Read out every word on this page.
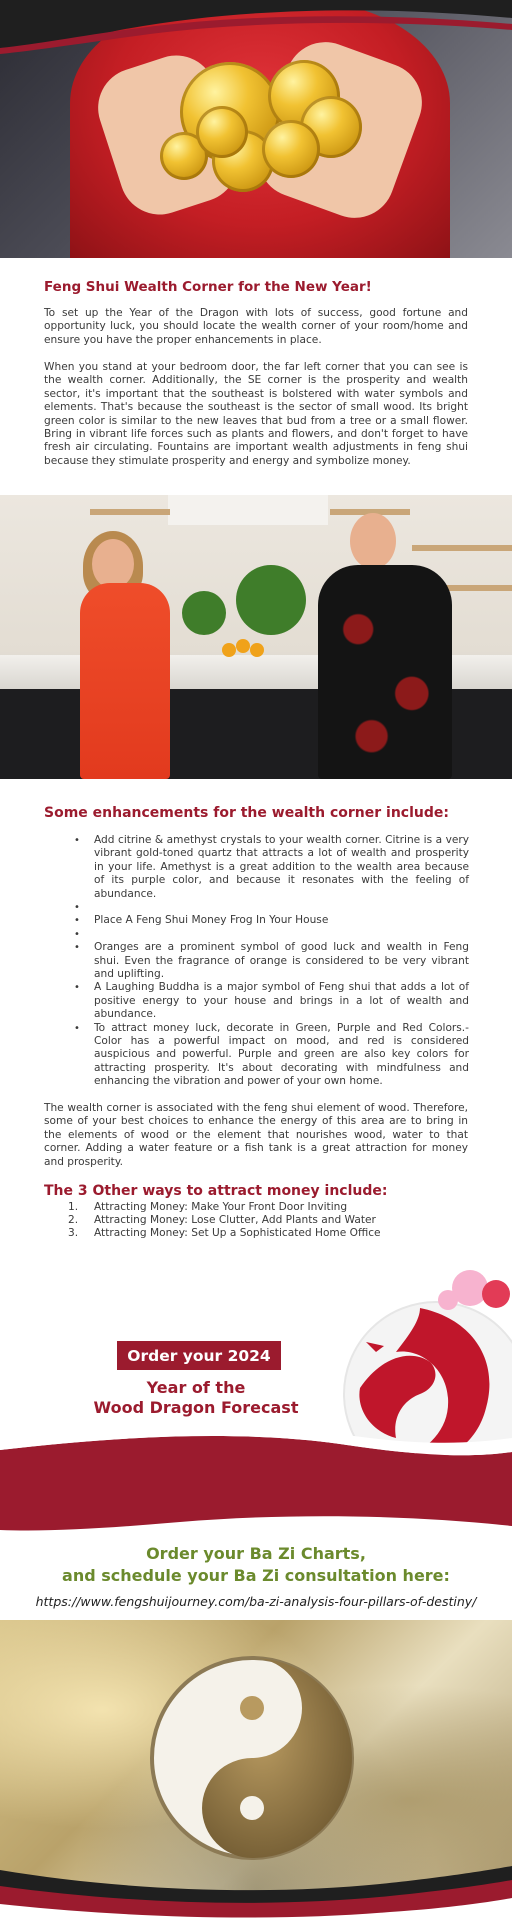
Feng Shui Wealth Corner for the New Year!

To set up the Year of the Dragon with lots of success, good fortune and opportunity luck, you should locate the wealth corner of your room/home and ensure you have the proper enhancements in place.

When you stand at your bedroom door, the far left corner that you can see is the wealth corner. Additionally, the SE corner is the prosperity and wealth sector, it's important that the southeast is bolstered with water symbols and elements. That's because the southeast is the sector of small wood. Its bright green color is similar to the new leaves that bud from a tree or a small flower. Bring in vibrant life forces such as plants and flowers, and don't forget to have fresh air circulating. Fountains are important wealth adjustments in feng shui because they stimulate prosperity and energy and symbolize money.

Some enhancements for the wealth corner include:
• Add citrine & amethyst crystals to your wealth corner. Citrine is a very vibrant gold-toned quartz that attracts a lot of wealth and prosperity in your life. Amethyst is a great addition to the wealth area because of its purple color, and because it resonates with the feeling of abundance.
•
• Place A Feng Shui Money Frog In Your House
•
• Oranges are a prominent symbol of good luck and wealth in Feng shui. Even the fragrance of orange is considered to be very vibrant and uplifting.
• A Laughing Buddha is a major symbol of Feng shui that adds a lot of positive energy to your house and brings in a lot of wealth and abundance.
• To attract money luck, decorate in Green, Purple and Red Colors.- Color has a powerful impact on mood, and red is considered auspicious and powerful. Purple and green are also key colors for attracting prosperity. It's about decorating with mindfulness and enhancing the vibration and power of your own home.

The wealth corner is associated with the feng shui element of wood. Therefore, some of your best choices to enhance the energy of this area are to bring in the elements of wood or the element that nourishes wood, water to that corner. Adding a water feature or a fish tank is a great attraction for money and prosperity.

The 3 Other ways to attract money include:
1. Attracting Money: Make Your Front Door Inviting
2. Attracting Money: Lose Clutter, Add Plants and Water
3. Attracting Money: Set Up a Sophisticated Home Office
Order your 2024
Year of the
Wood Dragon Forecast
Order your Ba Zi Charts,
and schedule your Ba Zi consultation here:
https://www.fengshuijourney.com/ba-zi-analysis-four-pillars-of-destiny/
